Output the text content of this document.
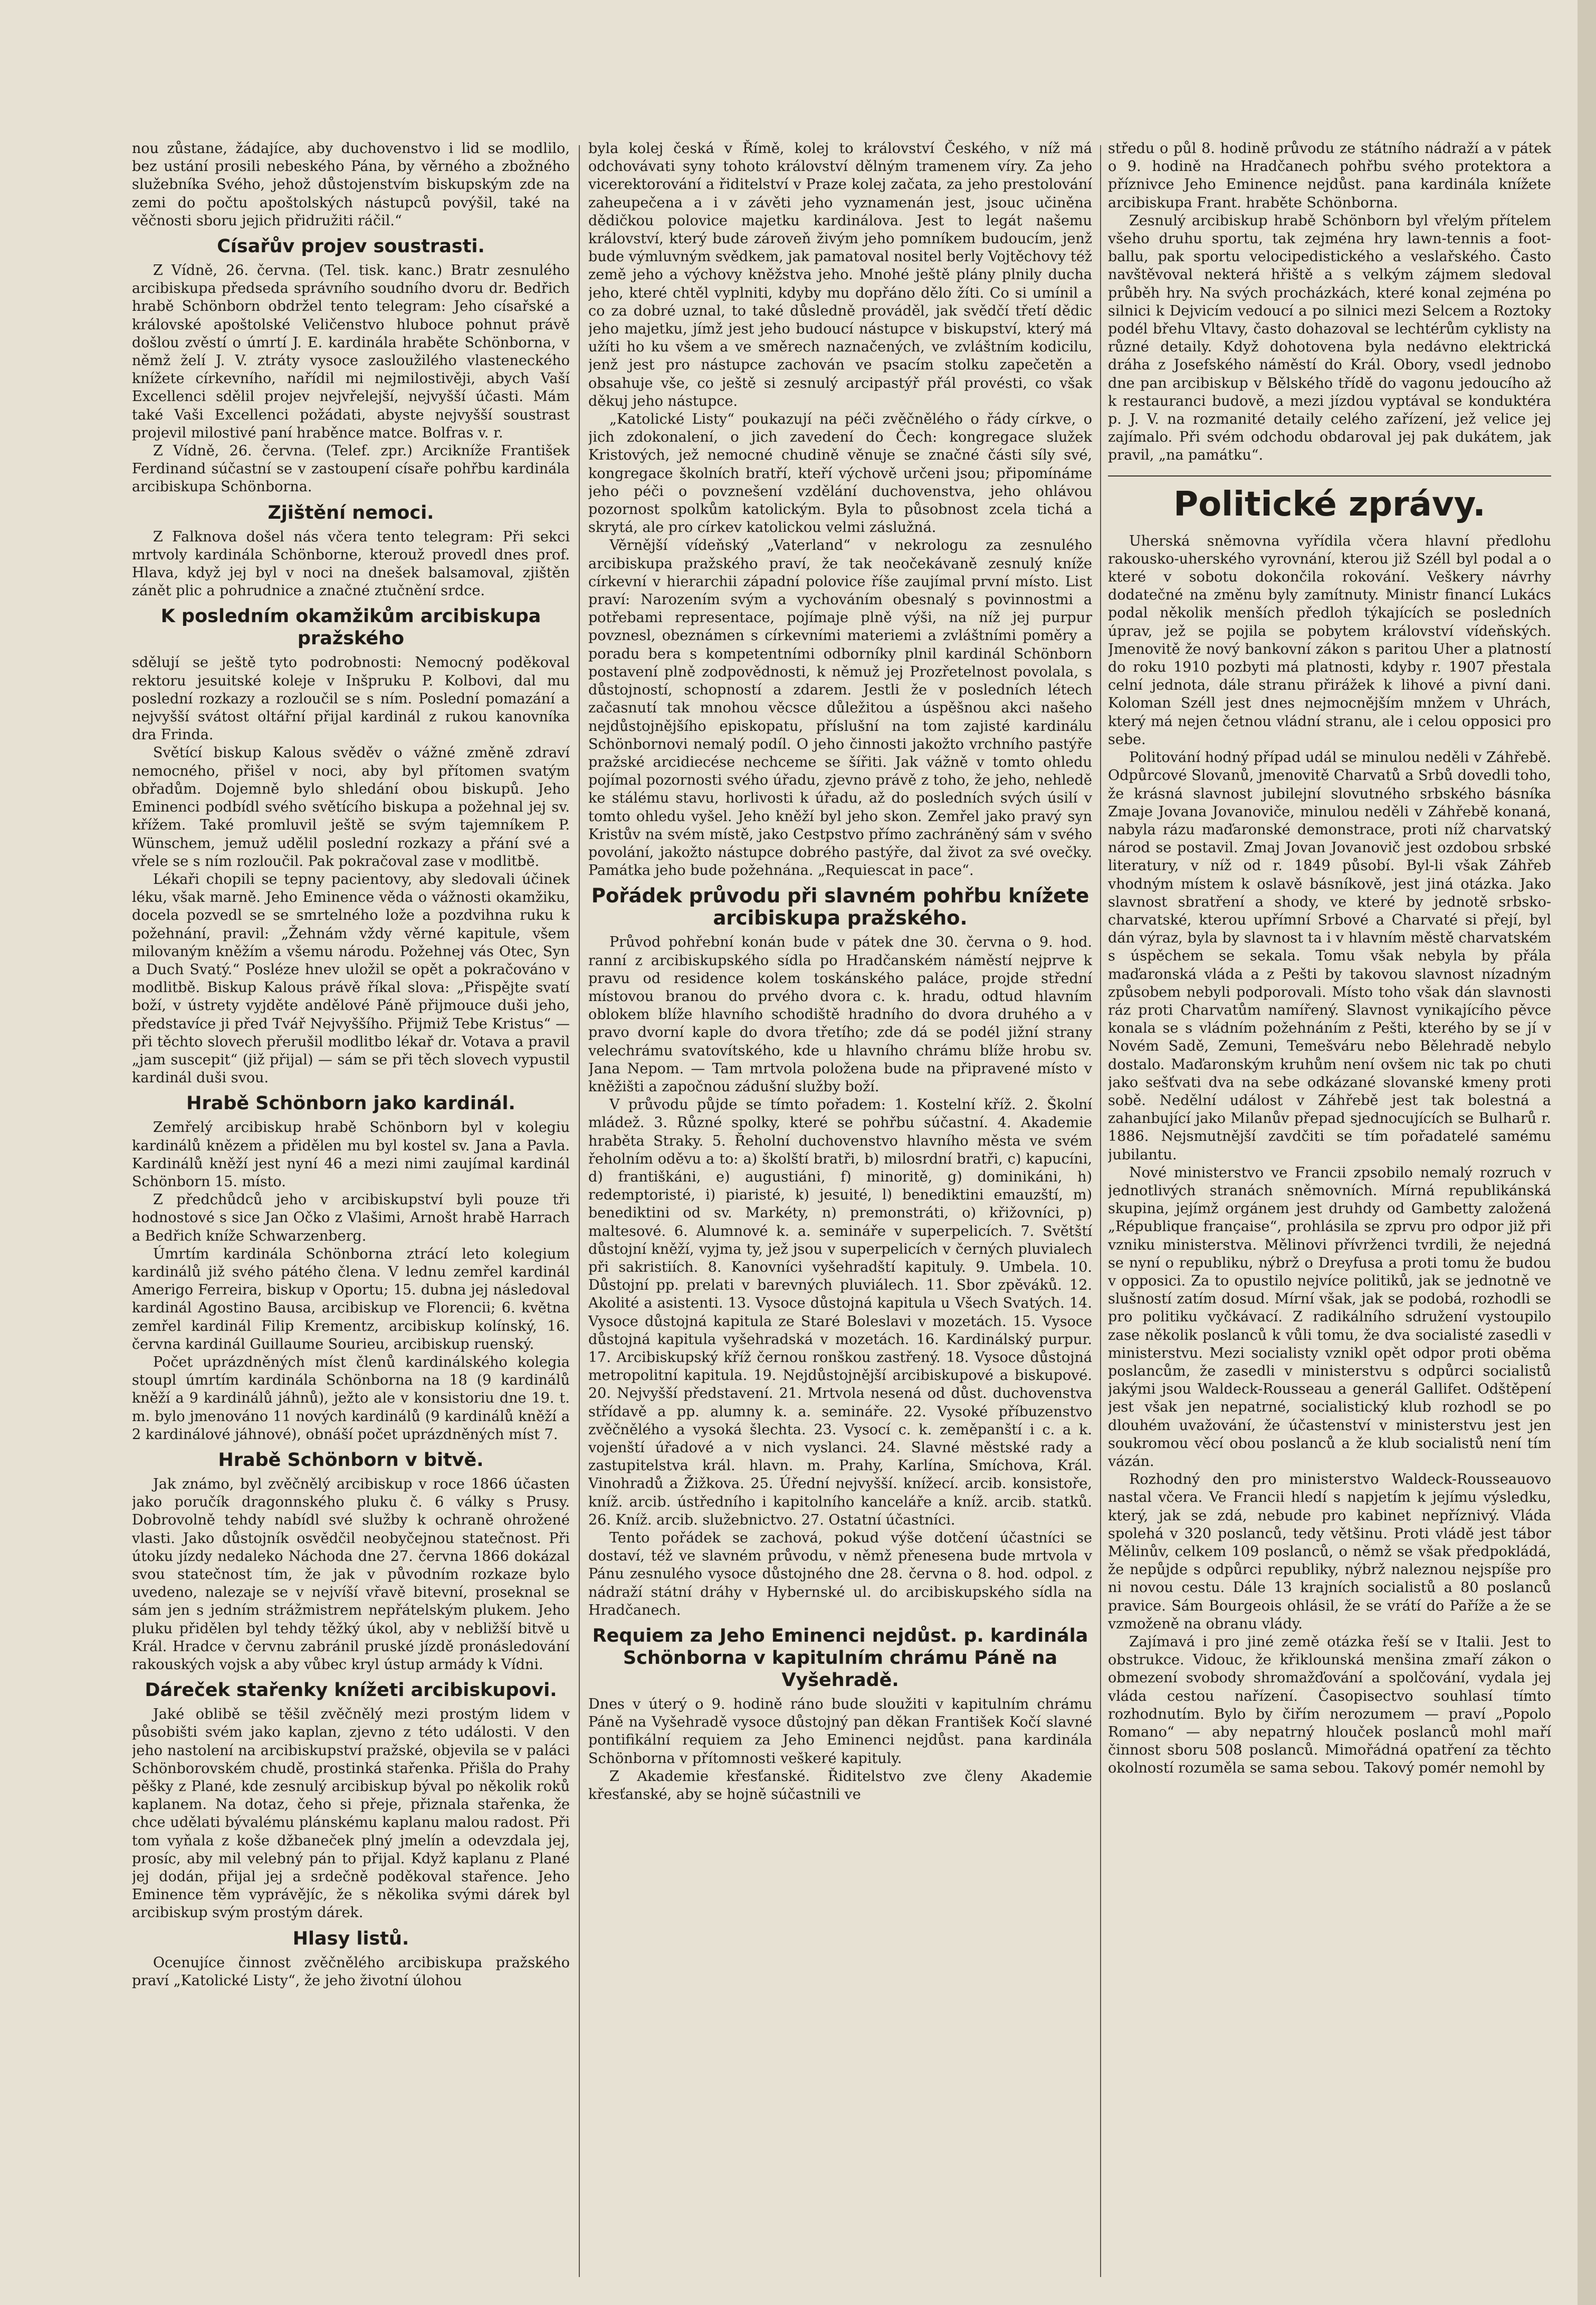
nou zůstane, žádajíce, aby duchovenstvo i lid se modlilo, bez ustání prosili nebeského Pána, by věrného a zbožného služebníka Svého, jehož důstojenstvím biskupským zde na zemi do počtu apoštolských nástupců povýšil, také na věčnosti sboru jejich přidružiti ráčil.“

Císařův projev soustrasti.

Z Vídně, 26. června. (Tel. tisk. kanc.) Bratr zesnulého arcibiskupa předseda správního soudního dvoru dr. Bedřich hrabě Schönborn obdržel tento telegram: Jeho císařské a královské apoštolské Veličenstvo hluboce pohnut právě došlou zvěstí o úmrtí J. E. kardinála hraběte Schönborna, v němž želí J. V. ztráty vysoce zasloužilého vlasteneckého knížete církevního, nařídil mi nejmilostivěji, abych Vaší Excellenci sdělil projev nejvřelejší, nejvyšší účasti. Mám také Vaši Excellenci požádati, abyste nejvyšší soustrast projevil milostivé paní hraběnce matce. Bolfras v. r.

Z Vídně, 26. června. (Telef. zpr.) Arcikníže František Ferdinand súčastní se v zastoupení císaře pohřbu kardinála arcibiskupa Schönborna.

Zjištění nemoci.

Z Falknova došel nás včera tento telegram: Při sekci mrtvoly kardinála Schönborne, kterouž provedl dnes prof. Hlava, když jej byl v noci na dnešek balsamoval, zjištěn zánět plic a pohrudnice a značné ztučnění srdce.

K posledním okamžikům arcibiskupa pražského

sdělují se ještě tyto podrobnosti: Nemocný poděkoval rektoru jesuitské koleje v Inšpruku P. Kolbovi, dal mu poslední rozkazy a rozloučil se s ním. Poslední pomazání a nejvyšší svátost oltářní přijal kardinál z rukou kanovníka dra Frinda.

Světící biskup Kalous svěděv o vážné změně zdraví nemocného, přišel v noci, aby byl přítomen svatým obřadům. Dojemně bylo shledání obou biskupů. Jeho Eminenci podbídl svého světícího biskupa a požehnal jej sv. křížem. Také promluvil ještě se svým tajemníkem P. Wünschem, jemuž udělil poslední rozkazy a přání své a vřele se s ním rozloučil. Pak pokračoval zase v modlitbě.

Lékaři chopili se tepny pacientovy, aby sledovali účinek léku, však marně. Jeho Eminence věda o vážnosti okamžiku, docela pozvedl se se smrtelného lože a pozdvihna ruku k požehnání, pravil: „Žehnám vždy věrné kapitule, všem milovaným kněžím a všemu národu. Požehnej vás Otec, Syn a Duch Svatý.“ Posléze hnev uložil se opět a pokračováno v modlitbě. Biskup Kalous právě říkal slova: „Přispějte svatí boží, v ústrety vyjděte andělové Páně přijmouce duši jeho, představíce ji před Tvář Nejvyššího. Přijmiž Tebe Kristus“ — při těchto slovech přerušil modlitbo lékař dr. Votava a pravil „jam suscepit“ (již přijal) — sám se při těch slovech vypustil kardinál duši svou.

Hrabě Schönborn jako kardinál.

Zemřelý arcibiskup hrabě Schönborn byl v kolegiu kardinálů knězem a přidělen mu byl kostel sv. Jana a Pavla. Kardinálů kněží jest nyní 46 a mezi nimi zaujímal kardinál Schönborn 15. místo.

Z předchůdců jeho v arcibiskupství byli pouze tři hodnostové s sice Jan Očko z Vlašimi, Arnošt hrabě Harrach a Bedřich kníže Schwarzenberg.

Úmrtím kardinála Schönborna ztrácí leto kolegium kardinálů již svého pátého člena. V lednu zemřel kardinál Amerigo Ferreira, biskup v Oportu; 15. dubna jej následoval kardinál Agostino Bausa, arcibiskup ve Florencii; 6. května zemřel kardinál Filip Krementz, arcibiskup kolínský, 16. června kardinál Guillaume Sourieu, arcibiskup ruenský.

Počet uprázdněných míst členů kardinálského kolegia stoupl úmrtím kardinála Schönborna na 18 (9 kardinálů kněží a 9 kardinálů jáhnů), ježto ale v konsistoriu dne 19. t. m. bylo jmenováno 11 nových kardinálů (9 kardinálů kněží a 2 kardinálové jáhnové), obnáší počet uprázdněných míst 7.

Hrabě Schönborn v bitvě.

Jak známo, byl zvěčnělý arcibiskup v roce 1866 účasten jako poručík dragonnského pluku č. 6 války s Prusy. Dobrovolně tehdy nabídl své služby k ochraně ohrožené vlasti. Jako důstojník osvědčil neobyčejnou statečnost. Při útoku jízdy nedaleko Náchoda dne 27. června 1866 dokázal svou statečnost tím, že jak v původním rozkaze bylo uvedeno, nalezaje se v nejvíší vřavě bitevní, proseknal se sám jen s jedním strážmistrem nepřátelským plukem. Jeho pluku přidělen byl tehdy těžký úkol, aby v nebližší bitvě u Král. Hradce v červnu zabránil pruské jízdě pronásledování rakouských vojsk a aby vůbec kryl ústup armády k Vídni.

Dáreček stařenky knížeti arcibiskupovi.

Jaké oblibě se těšil zvěčnělý mezi prostým lidem v působišti svém jako kaplan, zjevno z této události. V den jeho nastolení na arcibiskupství pražské, objevila se v paláci Schönborovském chudě, prostinká stařenka. Přišla do Prahy pěšky z Plané, kde zesnulý arcibiskup býval po několik roků kaplanem. Na dotaz, čeho si přeje, přiznala stařenka, že chce udělati bývalému plánskému kaplanu malou radost. Při tom vyňala z koše džbaneček plný jmelín a odevzdala jej, prosíc, aby mil velebný pán to přijal. Když kaplanu z Plané jej dodán, přijal jej a srdečně poděkoval stařence. Jeho Eminence těm vyprávějíc, že s několika svými dárek byl arcibiskup svým prostým dárek.

Hlasy listů.

Ocenujíce činnost zvěčnělého arcibiskupa pražského praví „Katolické Listy“, že jeho životní úlohou

byla kolej česká v Římě, kolej to království Českého, v níž má odchovávati syny tohoto království dělným tramenem víry. Za jeho vicerektorování a řiditelství v Praze kolej začata, za jeho prestolování zaheupečena a i v závěti jeho vyznamenán jest, jsouc učiněna dědičkou polovice majetku kardinálova. Jest to legát našemu království, který bude zároveň živým jeho pomníkem budoucím, jenž bude výmluvným svědkem, jak pamatoval nositel berly Vojtěchovy též země jeho a výchovy kněžstva jeho. Mnohé ještě plány plnily ducha jeho, které chtěl vyplniti, kdyby mu dopřáno dělo žíti. Co si umínil a co za dobré uznal, to také důsledně prováděl, jak svědčí třetí dědic jeho majetku, jímž jest jeho budoucí nástupce v biskupství, který má užíti ho ku všem a ve směrech naznačených, ve zvláštním kodicilu, jenž jest pro nástupce zachován ve psacím stolku zapečetěn a obsahuje vše, co ještě si zesnulý arcipastýř přál provésti, co však děkuj jeho nástupce.

„Katolické Listy“ poukazují na péči zvěčnělého o řády církve, o jich zdokonalení, o jich zavedení do Čech: kongregace služek Kristových, jež nemocné chudině věnuje se značné části síly své, kongregace školních bratří, kteří výchově určeni jsou; připomínáme jeho péči o povznešení vzdělání duchovenstva, jeho ohlávou pozornost spolkům katolickým. Byla to působnost zcela tichá a skrytá, ale pro církev katolickou velmi záslužná.

Věrnější vídeňský „Vaterland“ v nekrologu za zesnulého arcibiskupa pražského praví, že tak neočekávaně zesnulý kníže církevní v hierarchii západní polovice říše zaujímal první místo. List praví: Narozením svým a vychováním obesnalý s povinnostmi a potřebami representace, pojímaje plně výši, na níž jej purpur povznesl, obeznámen s církevními materiemi a zvláštními poměry a poradu bera s kompetentními odborníky plnil kardinál Schönborn postavení plně zodpovědnosti, k němuž jej Prozřetelnost povolala, s důstojností, schopností a zdarem. Jestli že v posledních létech začasnutí tak mnohou věcsce důležitou a úspěšnou akci našeho nejdůstojnějšího episkopatu, příslušní na tom zajisté kardinálu Schönbornovi nemalý podíl. O jeho činnosti jakožto vrchního pastýře pražské arcidiecése nechceme se šířiti. Jak vážně v tomto ohledu pojímal pozornosti svého úřadu, zjevno právě z toho, že jeho, nehledě ke stálému stavu, horlivosti k úřadu, až do posledních svých úsilí v tomto ohledu vyšel. Jeho kněží byl jeho skon. Zemřel jako pravý syn Kristův na svém místě, jako Cestpstvo přímo zachráněný sám v svého povolání, jakožto nástupce dobrého pastýře, dal život za své ovečky. Památka jeho bude požehnána. „Requiescat in pace“.

Pořádek průvodu při slavném pohřbu knížete arcibiskupa pražského.

Průvod pohřební konán bude v pátek dne 30. června o 9. hod. ranní z arcibiskupského sídla po Hradčanském náměstí nejprve k pravu od residence kolem toskánského paláce, projde střední místovou branou do prvého dvora c. k. hradu, odtud hlavním oblokem blíže hlavního schodiště hradního do dvora druhého a v pravo dvorní kaple do dvora třetího; zde dá se podél jižní strany velechrámu svatovítského, kde u hlavního chrámu blíže hrobu sv. Jana Nepom. — Tam mrtvola položena bude na připravené místo v kněžišti a započnou zádušní služby boží.

V průvodu půjde se tímto pořadem: 1. Kostelní kříž. 2. Školní mládež. 3. Různé spolky, které se pohřbu súčastní. 4. Akademie hraběta Straky. 5. Řeholní duchovenstvo hlavního města ve svém řeholním oděvu a to: a) školští bratři, b) milosrdní bratři, c) kapucíni, d) františkáni, e) augustiáni, f) minoritě, g) dominikáni, h) redemptoristé, i) piaristé, k) jesuité, l) benediktini emauzští, m) benediktini od sv. Markéty, n) premonstráti, o) křižovníci, p) maltesové. 6. Alumnové k. a. semináře v superpelicích. 7. Světští důstojní kněží, vyjma ty, jež jsou v superpelicích v černých pluvialech při sakristiích. 8. Kanovníci vyšehradští kapituly. 9. Umbela. 10. Důstojní pp. prelati v barevných pluviálech. 11. Sbor zpěváků. 12. Akolité a asistenti. 13. Vysoce důstojná kapitula u Všech Svatých. 14. Vysoce důstojná kapitula ze Staré Boleslavi v mozetách. 15. Vysoce důstojná kapitula vyšehradská v mozetách. 16. Kardinálský purpur. 17. Arcibiskupský kříž černou ronškou zastřený. 18. Vysoce důstojná metropolitní kapitula. 19. Nejdůstojnější arcibiskupové a biskupové. 20. Nejvyšší představení. 21. Mrtvola nesená od důst. duchovenstva střídavě a pp. alumny k. a. semináře. 22. Vysoké příbuzenstvo zvěčnělého a vysoká šlechta. 23. Vysocí c. k. zeměpanští i c. a k. vojenští úřadové a v nich vyslanci. 24. Slavné městské rady a zastupitelstva král. hlavn. m. Prahy, Karlína, Smíchova, Král. Vinohradů a Žižkova. 25. Úřední nejvyšší. knížecí. arcib. konsistoře, kníž. arcib. ústředního i kapitolního kanceláře a kníž. arcib. statků. 26. Kníž. arcib. služebnictvo. 27. Ostatní účastníci.

Tento pořádek se zachová, pokud výše dotčení účastníci se dostaví, též ve slavném průvodu, v němž přenesena bude mrtvola v Pánu zesnulého vysoce důstojného dne 28. června o 8. hod. odpol. z nádraží státní dráhy v Hybernské ul. do arcibiskupského sídla na Hradčanech.

Requiem za Jeho Eminenci nejdůst. p. kardinála Schönborna v kapitulním chrámu Páně na Vyšehradě.

Dnes v úterý o 9. hodině ráno bude sloužiti v kapitulním chrámu Páně na Vyšehradě vysoce důstojný pan děkan František Kočí slavné pontifikální requiem za Jeho Eminenci nejdůst. pana kardinála Schönborna v přítomnosti veškeré kapituly.

Z Akademie křesťanské. Řiditelstvo zve členy Akademie křesťanské, aby se hojně súčastnili ve

středu o půl 8. hodině průvodu ze státního nádraží a v pátek o 9. hodině na Hradčanech pohřbu svého protektora a příznivce Jeho Eminence nejdůst. pana kardinála knížete arcibiskupa Frant. hraběte Schönborna.

Zesnulý arcibiskup hrabě Schönborn byl vřelým přítelem všeho druhu sportu, tak zejména hry lawn-tennis a foot-ballu, pak sportu velocipedistického a veslařského. Často navštěvoval nekterá hřiště a s velkým zájmem sledoval průběh hry. Na svých procházkách, které konal zejména po silnici k Dejvicím vedoucí a po silnici mezi Selcem a Roztoky podél břehu Vltavy, často dohazoval se lechtérům cyklisty na různé detaily. Když dohotovena byla nedávno elektrická dráha z Josefského náměstí do Král. Obory, vsedl jednobo dne pan arcibiskup v Bělského třídě do vagonu jedoucího až k restauranci budově, a mezi jízdou vyptával se konduktéra p. J. V. na rozmanité detaily celého zařízení, jež velice jej zajímalo. Při svém odchodu obdaroval jej pak dukátem, jak pravil, „na památku“.

Politické zprávy.

Uherská sněmovna vyřídila včera hlavní předlohu rakousko-uherského vyrovnání, kterou již Széll byl podal a o které v sobotu dokončila rokování. Veškery návrhy dodatečné na změnu byly zamítnuty. Ministr financí Lukács podal několik menších předloh týkajících se posledních úprav, jež se pojila se pobytem království vídeňských. Jmenovitě že nový bankovní zákon s paritou Uher a platností do roku 1910 pozbyti má platnosti, kdyby r. 1907 přestala celní jednota, dále stranu přirážek k lihové a pivní dani. Koloman Széll jest dnes nejmocnějším mnžem v Uhrách, který má nejen četnou vládní stranu, ale i celou opposici pro sebe.

Politování hodný případ udál se minulou neděli v Záhřebě. Odpůrcové Slovanů, jmenovitě Charvatů a Srbů dovedli toho, že krásná slavnost jubilejní slovutného srbského básníka Zmaje Jovana Jovanoviče, minulou neděli v Záhřebě konaná, nabyla rázu maďaronské demonstrace, proti níž charvatský národ se postavil. Zmaj Jovan Jovanovič jest ozdobou srbské literatury, v níž od r. 1849 působí. Byl-li však Záhřeb vhodným místem k oslavě básníkově, jest jiná otázka. Jako slavnost sbratření a shody, ve které by jednotě srbsko-charvatské, kterou upřímní Srbové a Charvaté si přejí, byl dán výraz, byla by slavnost ta i v hlavním městě charvatském s úspěchem se sekala. Tomu však nebyla by přála maďaronská vláda a z Pešti by takovou slavnost nízadným způsobem nebyli podporovali. Místo toho však dán slavnosti ráz proti Charvatům namířený. Slavnost vynikajícího pěvce konala se s vládním požehnáním z Pešti, kterého by se jí v Novém Sadě, Zemuni, Temešváru nebo Bělehradě nebylo dostalo. Maďaronským kruhům není ovšem nic tak po chuti jako sešťvati dva na sebe odkázané slovanské kmeny proti sobě. Nedělní událost v Záhřebě jest tak bolestná a zahanbující jako Milanův přepad sjednocujících se Bulharů r. 1886. Nejsmutnější zavdčiti se tím pořadatelé samému jubilantu.

Nové ministerstvo ve Francii zpsobilo nemalý rozruch v jednotlivých stranách sněmovních. Mírná republikánská skupina, jejímž orgánem jest druhdy od Gambetty založená „République française“, prohlásila se zprvu pro odpor již při vzniku ministerstva. Mělinovi přívrženci tvrdili, že nejedná se nyní o republiku, nýbrž o Dreyfusa a proti tomu že budou v opposici. Za to opustilo nejvíce politiků, jak se jednotně ve slušností zatím dosud. Mírní však, jak se podobá, rozhodli se pro politiku vyčkávací. Z radikálního sdružení vystoupilo zase několik poslanců k vůli tomu, že dva socialisté zasedli v ministerstvu. Mezi socialisty vznikl opět odpor proti oběma poslancům, že zasedli v ministerstvu s odpůrci socialistů jakými jsou Waldeck-Rousseau a generál Gallifet. Odštěpení jest však jen nepatrné, socialistický klub rozhodl se po dlouhém uvažování, že účastenství v ministerstvu jest jen soukromou věcí obou poslanců a že klub socialistů není tím vázán.

Rozhodný den pro ministerstvo Waldeck-Rousseauovo nastal včera. Ve Francii hledí s napjetím k jejímu výsledku, který, jak se zdá, nebude pro kabinet nepříznivý. Vláda spolehá v 320 poslanců, tedy většinu. Proti vládě jest tábor Mělinův, celkem 109 poslanců, o němž se však předpokládá, že nepůjde s odpůrci republiky, nýbrž naleznou nejspíše pro ni novou cestu. Dále 13 krajních socialistů a 80 poslanců pravice. Sám Bourgeois ohlásil, že se vrátí do Paříže a že se vzmoženě na obranu vlády.

Zajímavá i pro jiné země otázka řeší se v Italii. Jest to obstrukce. Vidouc, že křiklounská menšina zmaří zákon o obmezení svobody shromažďování a spolčování, vydala jej vláda cestou nařízení. Časopisectvo souhlasí tímto rozhodnutím. Bylo by čiřím nerozumem — praví „Popolo Romano“ — aby nepatrný hlouček poslanců mohl maří činnost sboru 508 poslanců. Mimořádná opatření za těchto okolností rozuměla se sama sebou. Takový pomér nemohl by
